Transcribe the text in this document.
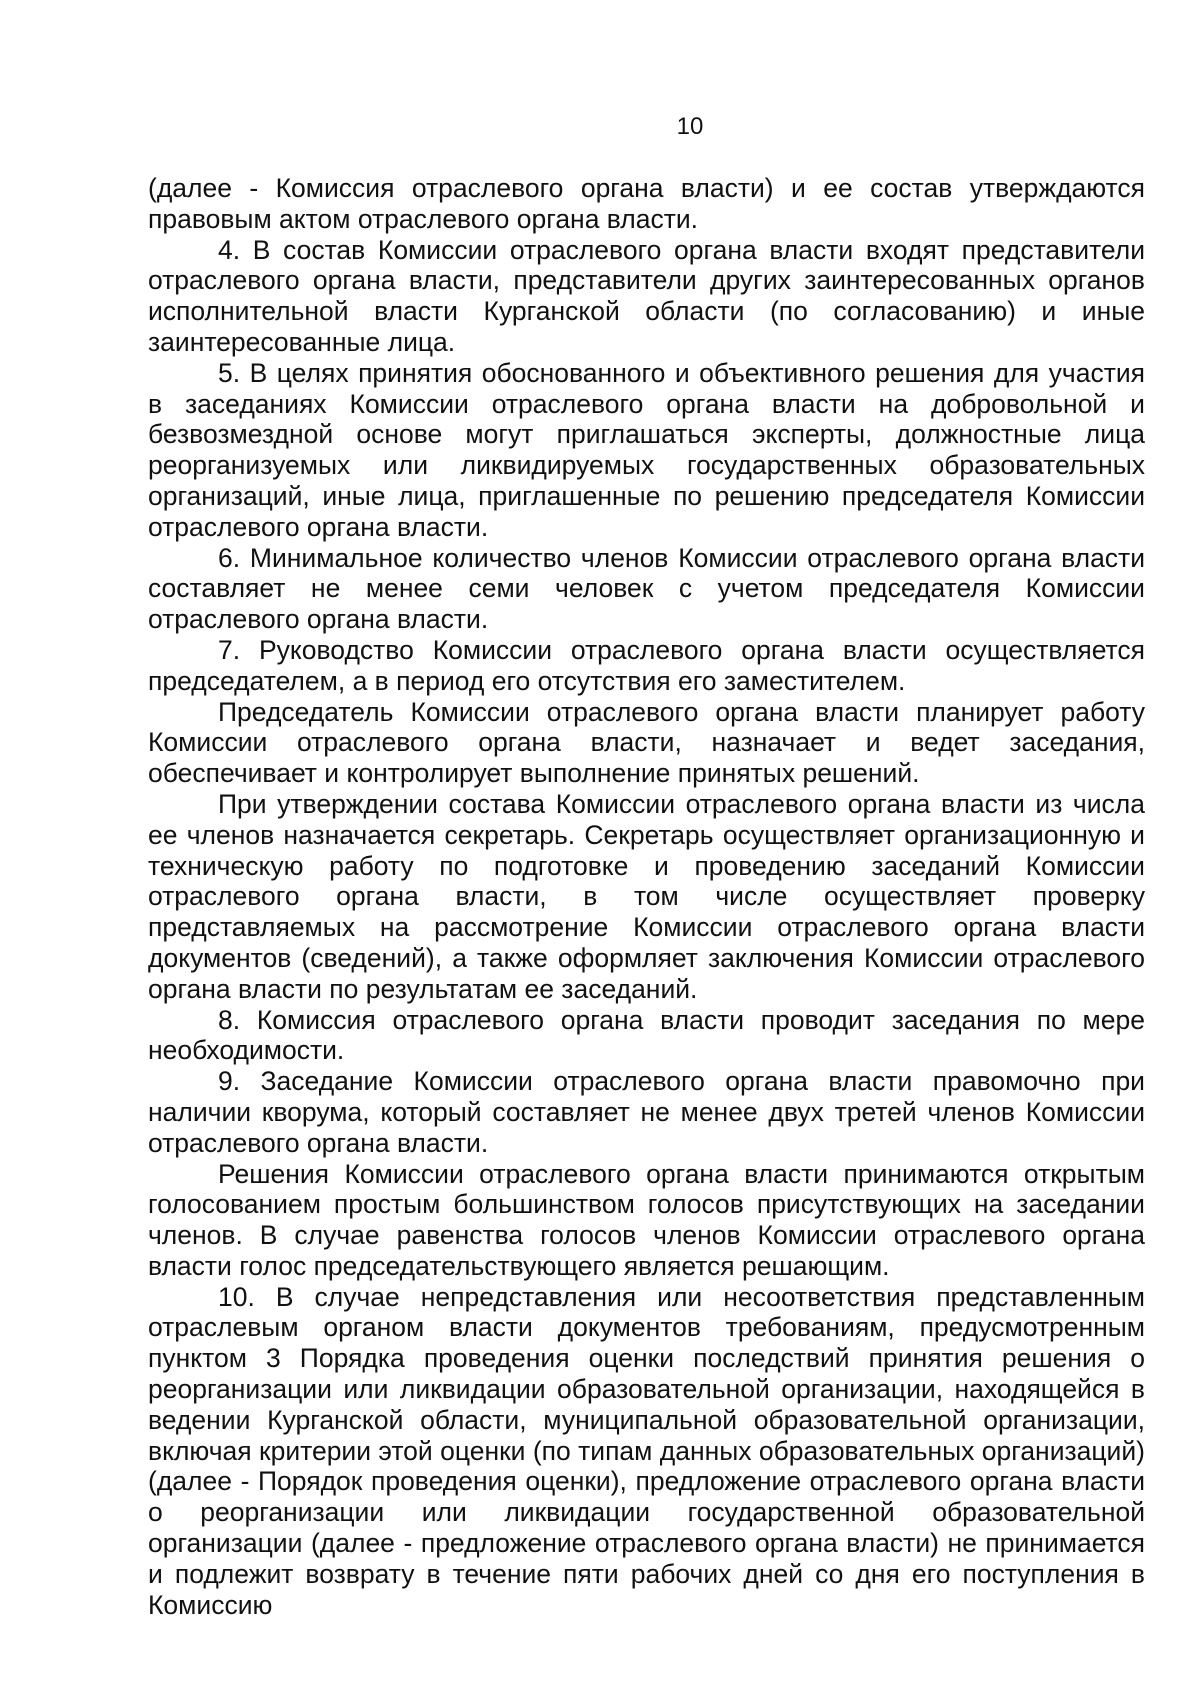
10

(далее - Комиссия отраслевого органа власти) и ее состав утверждаются правовым актом отраслевого органа власти.

4. В состав Комиссии отраслевого органа власти входят представители отраслевого органа власти, представители других заинтересованных органов исполнительной власти Курганской области (по согласованию) и иные заинтересованные лица.

5. В целях принятия обоснованного и объективного решения для участия в заседаниях Комиссии отраслевого органа власти на добровольной и безвозмездной основе могут приглашаться эксперты, должностные лица реорганизуемых или ликвидируемых государственных образовательных организаций, иные лица, приглашенные по решению председателя Комиссии отраслевого органа власти.

6. Минимальное количество членов Комиссии отраслевого органа власти составляет не менее семи человек с учетом председателя Комиссии отраслевого органа власти.

7. Руководство Комиссии отраслевого органа власти осуществляется председателем, а в период его отсутствия его заместителем.

Председатель Комиссии отраслевого органа власти планирует работу Комиссии отраслевого органа власти, назначает и ведет заседания, обеспечивает и контролирует выполнение принятых решений.

При утверждении состава Комиссии отраслевого органа власти из числа ее членов назначается секретарь. Секретарь осуществляет организационную и техническую работу по подготовке и проведению заседаний Комиссии отраслевого органа власти, в том числе осуществляет проверку представляемых на рассмотрение Комиссии отраслевого органа власти документов (сведений), а также оформляет заключения Комиссии отраслевого органа власти по результатам ее заседаний.

8. Комиссия отраслевого органа власти проводит заседания по мере необходимости.

9. Заседание Комиссии отраслевого органа власти правомочно при наличии кворума, который составляет не менее двух третей членов Комиссии отраслевого органа власти.

Решения Комиссии отраслевого органа власти принимаются открытым голосованием простым большинством голосов присутствующих на заседании членов. В случае равенства голосов членов Комиссии отраслевого органа власти голос председательствующего является решающим.

10. В случае непредставления или несоответствия представленным отраслевым органом власти документов требованиям, предусмотренным пунктом 3 Порядка проведения оценки последствий принятия решения о реорганизации или ликвидации образовательной организации, находящейся в ведении Курганской области, муниципальной образовательной организации, включая критерии этой оценки (по типам данных образовательных организаций) (далее - Порядок проведения оценки), предложение отраслевого органа власти о реорганизации или ликвидации государственной образовательной организации (далее - предложение отраслевого органа власти) не принимается и подлежит возврату в течение пяти рабочих дней со дня его поступления в Комиссию
